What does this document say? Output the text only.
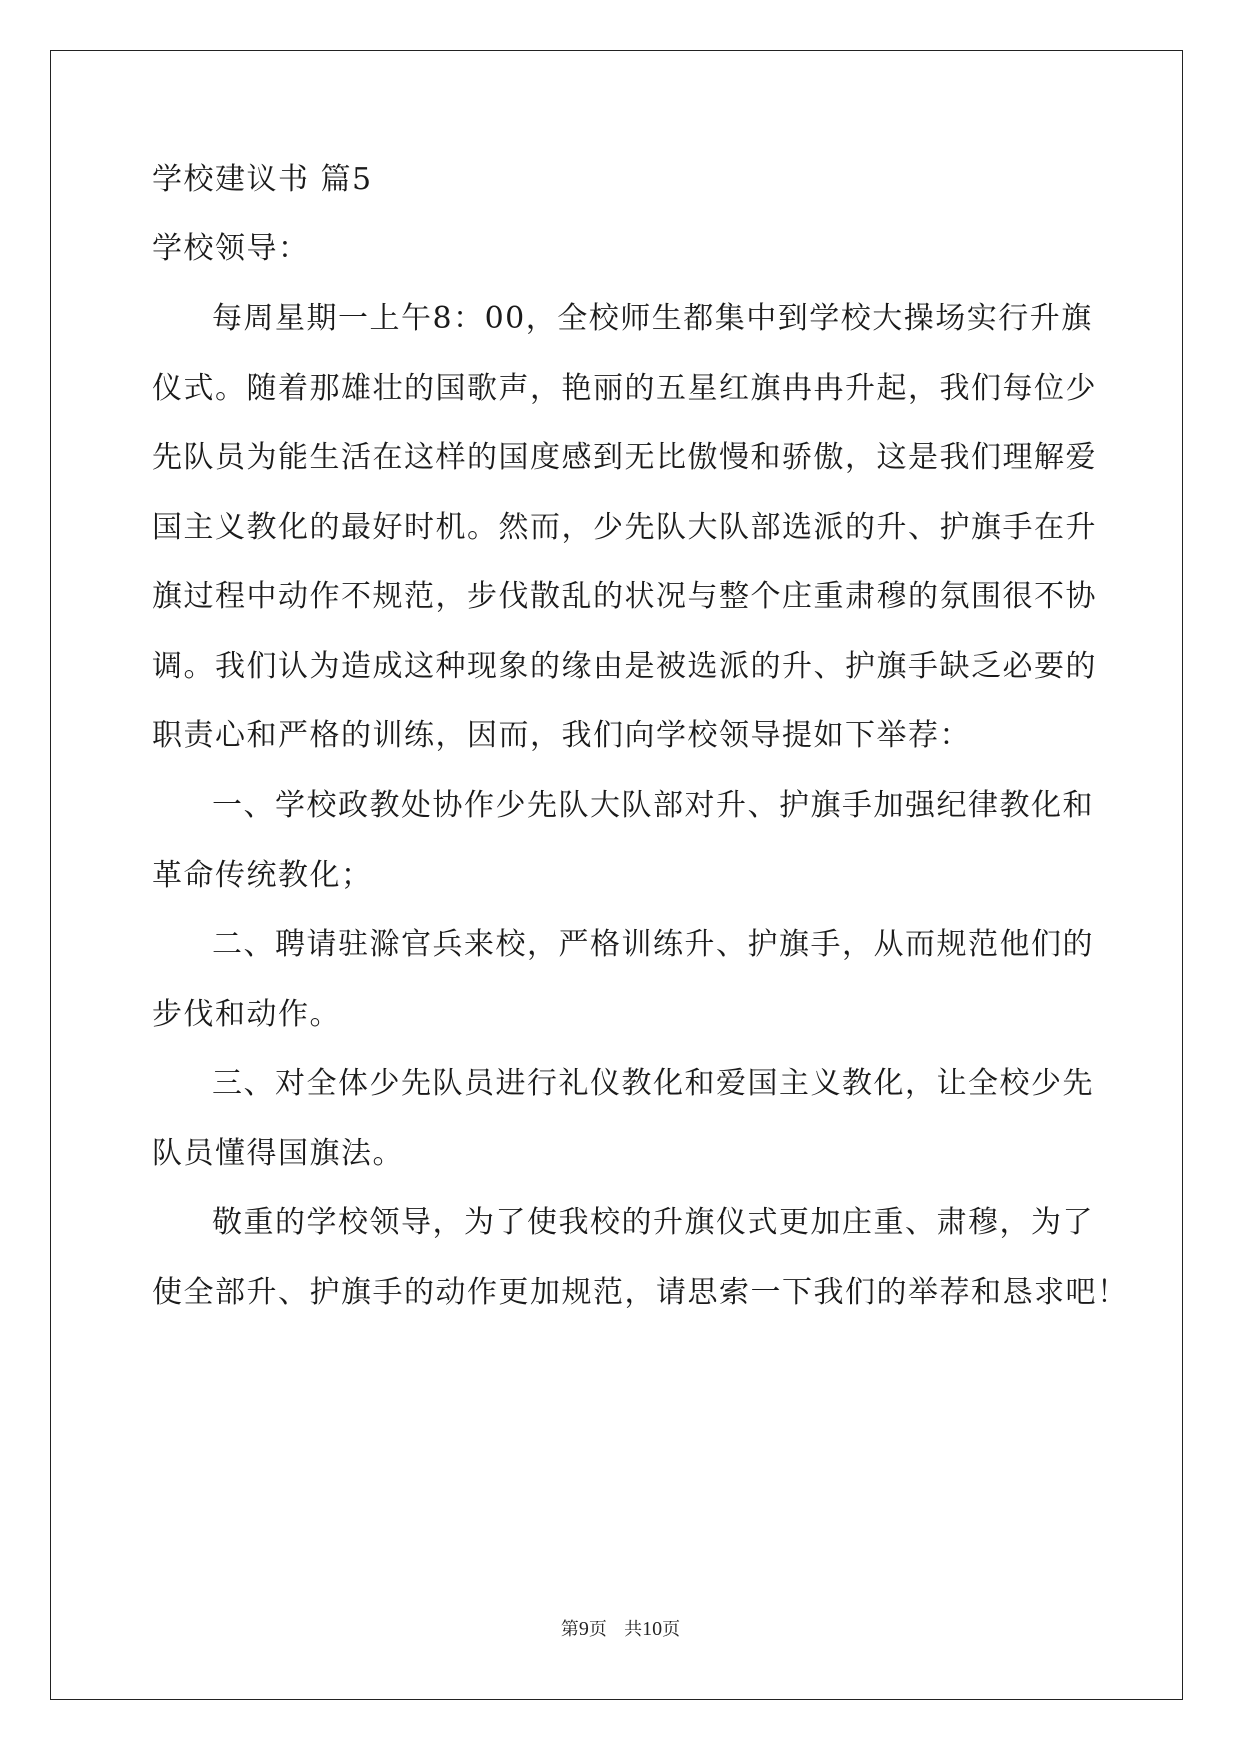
学校建议书 篇5
学校领导：
每周星期一上午8：00，全校师生都集中到学校大操场实行升旗
仪式。随着那雄壮的国歌声，艳丽的五星红旗冉冉升起，我们每位少
先队员为能生活在这样的国度感到无比傲慢和骄傲，这是我们理解爱
国主义教化的最好时机。然而，少先队大队部选派的升、护旗手在升
旗过程中动作不规范，步伐散乱的状况与整个庄重肃穆的氛围很不协
调。我们认为造成这种现象的缘由是被选派的升、护旗手缺乏必要的
职责心和严格的训练，因而，我们向学校领导提如下举荐：
一、学校政教处协作少先队大队部对升、护旗手加强纪律教化和
革命传统教化；
二、聘请驻滁官兵来校，严格训练升、护旗手，从而规范他们的
步伐和动作。
三、对全体少先队员进行礼仪教化和爱国主义教化，让全校少先
队员懂得国旗法。
敬重的学校领导，为了使我校的升旗仪式更加庄重、肃穆，为了
使全部升、护旗手的动作更加规范，请思索一下我们的举荐和恳求吧！
第9页 共10页
